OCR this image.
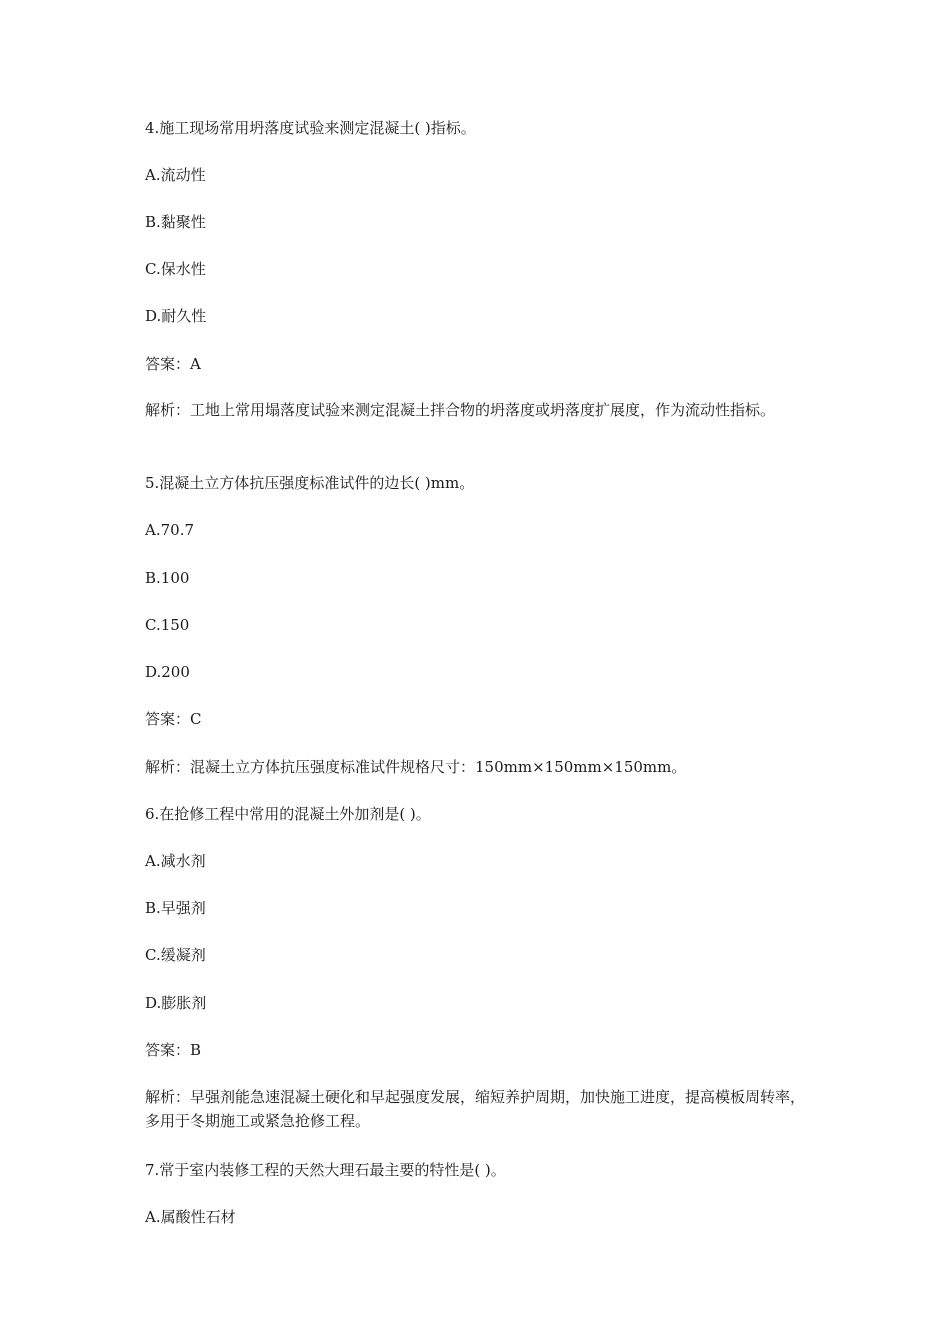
4.施工现场常用坍落度试验来测定混凝土( )指标。
A.流动性
B.黏聚性
C.保水性
D.耐久性
答案：A
解析：工地上常用塌落度试验来测定混凝土拌合物的坍落度或坍落度扩展度，作为流动性指标。
5.混凝土立方体抗压强度标准试件的边长( )mm。
A.70.7
B.100
C.150
D.200
答案：C
解析：混凝土立方体抗压强度标准试件规格尺寸：150mm×150mm×150mm。
6.在抢修工程中常用的混凝土外加剂是( )。
A.减水剂
B.早强剂
C.缓凝剂
D.膨胀剂
答案：B
解析：早强剂能急速混凝土硬化和早起强度发展，缩短养护周期，加快施工进度，提高模板周转率，多用于冬期施工或紧急抢修工程。
7.常于室内装修工程的天然大理石最主要的特性是( )。
A.属酸性石材
